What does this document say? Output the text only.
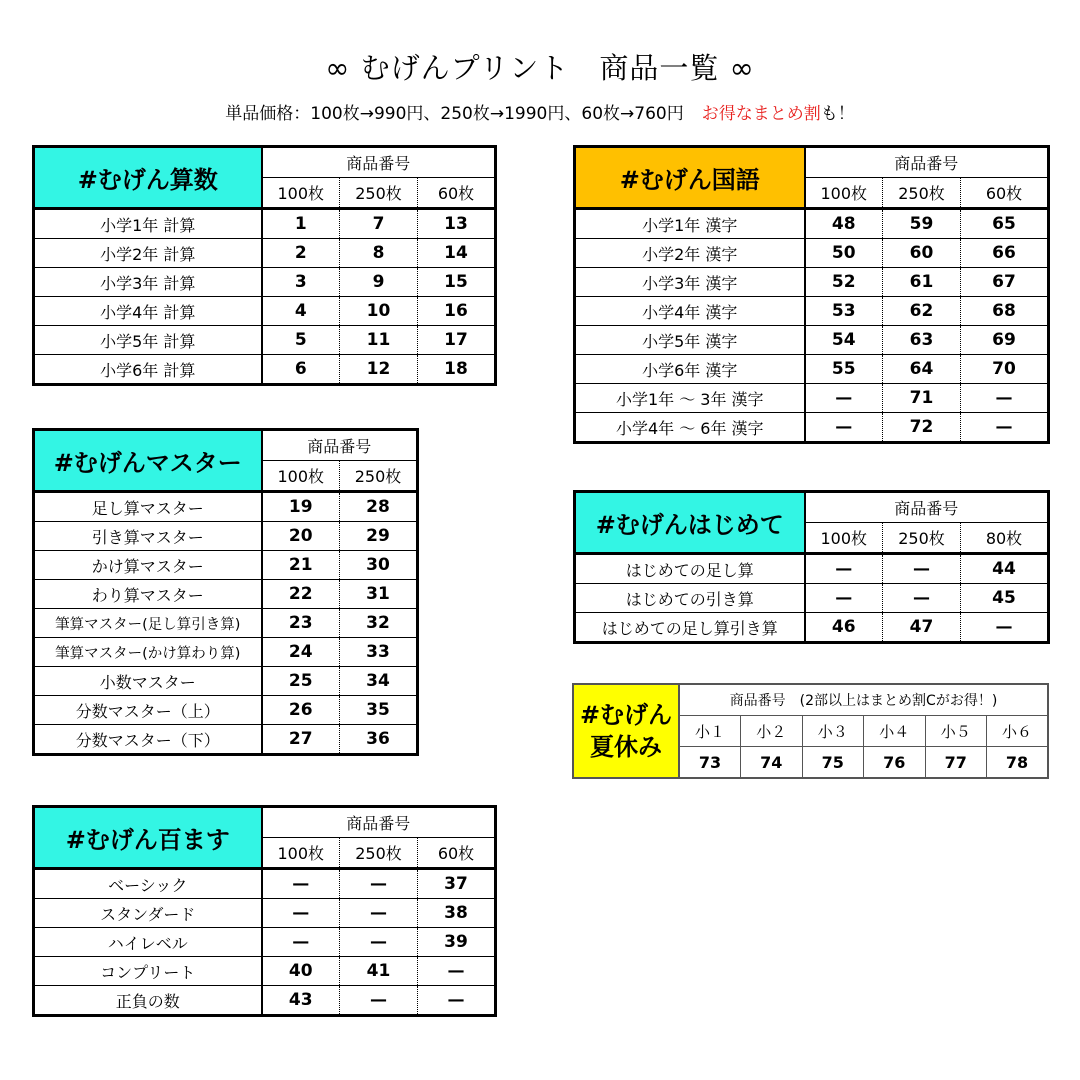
∞ むげんプリント　商品一覧 ∞
単品価格：100枚→990円、250枚→1990円、60枚→760円 お得なまとめ割も！
#むげん算数	商品番号		
	100枚	250枚	60枚
小学1年 計算	1	7	13
小学2年 計算	2	8	14
小学3年 計算	3	9	15
小学4年 計算	4	10	16
小学5年 計算	5	11	17
小学6年 計算	6	12	18
#むげんマスター	商品番号	
	100枚	250枚
足し算マスター	19	28
引き算マスター	20	29
かけ算マスター	21	30
わり算マスター	22	31
筆算マスター(足し算引き算)	23	32
筆算マスター(かけ算わり算)	24	33
小数マスター	25	34
分数マスター（上）	26	35
分数マスター（下）	27	36
#むげん百ます	商品番号		
	100枚	250枚	60枚
ベーシック	—	—	37
スタンダード	—	—	38
ハイレベル	—	—	39
コンプリート	40	41	—
正負の数	43	—	—
#むげん国語	商品番号		
	100枚	250枚	60枚
小学1年 漢字	48	59	65
小学2年 漢字	50	60	66
小学3年 漢字	52	61	67
小学4年 漢字	53	62	68
小学5年 漢字	54	63	69
小学6年 漢字	55	64	70
小学1年 ～ 3年 漢字	—	71	—
小学4年 ～ 6年 漢字	—	72	—
#むげんはじめて	商品番号		
	100枚	250枚	80枚
はじめての足し算	—	—	44
はじめての引き算	—	—	45
はじめての足し算引き算	46	47	—
#むげん
夏休み	商品番号　(2部以上はまとめ割Cがお得！)					
	小１	小２	小３	小４	小５	小６
	73	74	75	76	77	78
